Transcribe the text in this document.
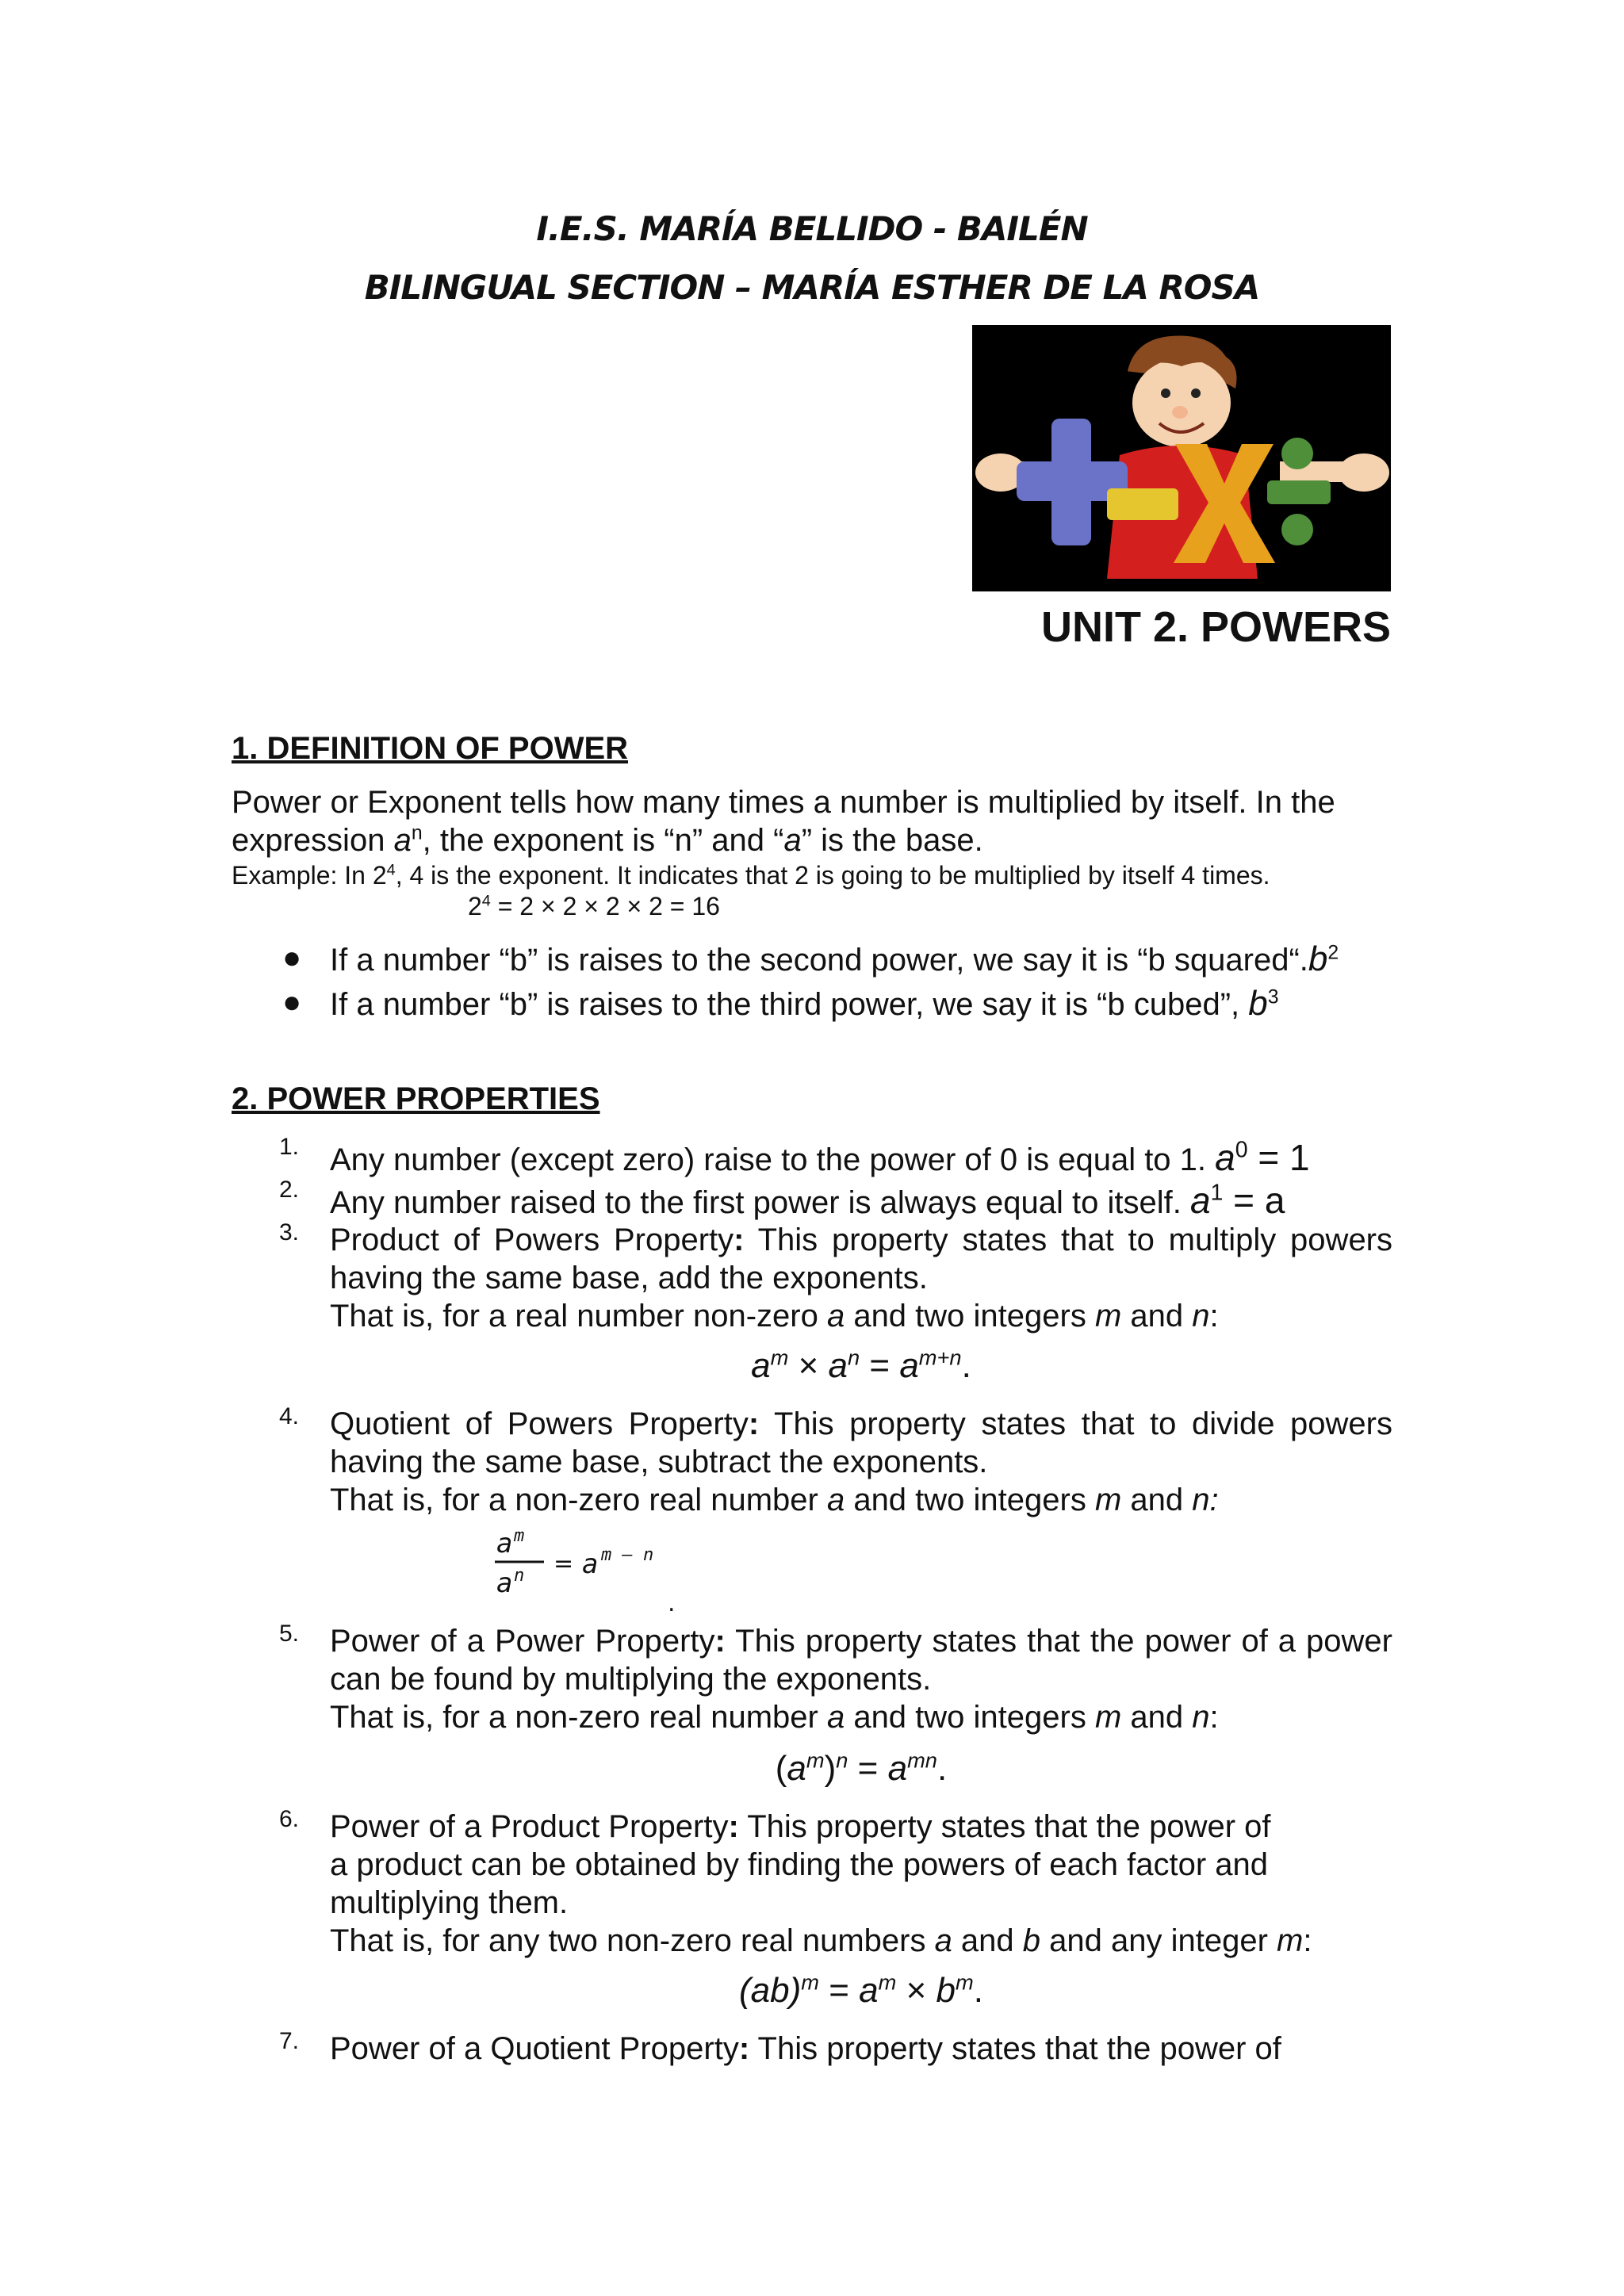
I.E.S. MARÍA BELLIDO - BAILÉN
BILINGUAL SECTION – MARÍA ESTHER DE LA ROSA
UNIT 2. POWERS
1. DEFINITION OF POWER
Power or Exponent tells how many times a number is multiplied by itself. In the
expression $a^n$, the exponent is “n” and “a” is the base.
Example: In $2^4$, 4 is the exponent. It indicates that 2 is going to be multiplied by itself 4 times.
$2^4 = 2 \times 2 \times 2 \times 2 = 16$
● If a number “b” is raises to the second power, we say it is “b $squared“.b^2$
● If a number “b” is raises to the third power, we say it is “b cubed”, $b^3$
2. POWER PROPERTIES
1. Any number (except zero) raise to the power of 0 is equal to 1. $a^0 = 1$
2. Any number raised to the first power is always equal to itself. $a^1 = a$
3. Product of Powers Property: This property states that to multiply powers having the same base, add the exponents.
That is, for a real number non-zero a and two integers m and n:
$a^m \times a^n = a^{m+n}$.
4. Quotient of Powers Property: This property states that to divide powers having the same base, subtract the exponents.
That is, for a non-zero real number a and two integers m and n:
a m
a n = a m – n
.
5. Power of a Power Property: This property states that the power of a power can be found by multiplying the exponents.
That is, for a non-zero real number a and two integers m and n:
$(a^m)^n = a^{mn}$.
6. Power of a Product Property: This property states that the power of
a product can be obtained by finding the powers of each factor and
multiplying them.
That is, for any two non-zero real numbers a and b and any integer m:
$(ab)^m = a^m \times b^m$.
7. Power of a Quotient Property: This property states that the power of
